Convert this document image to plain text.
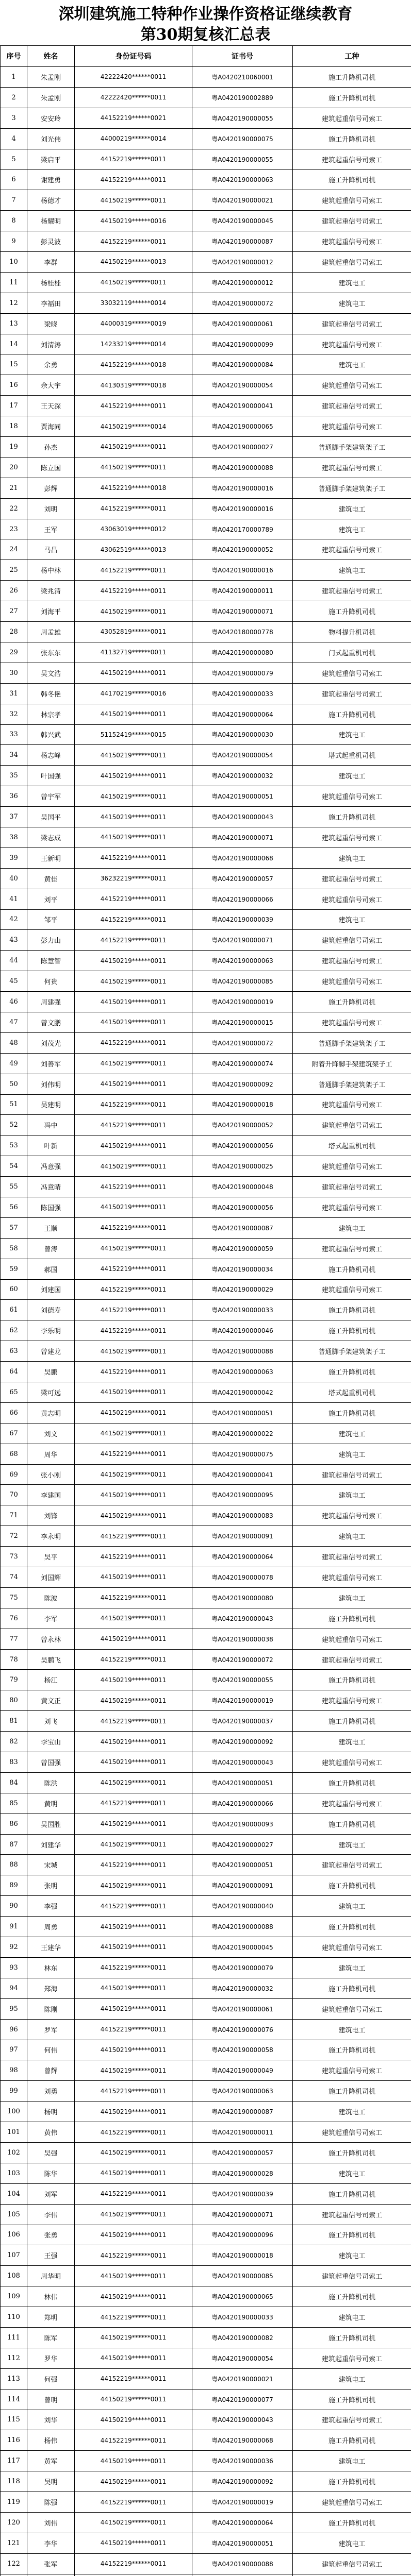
深圳建筑施工特种作业操作资格证继续教育
第30期复核汇总表
序号	姓名	身份证号码	证书号	工种
1	朱孟刚	42222420******0011	粤A0420210060001	施工升降机司机
2	朱孟刚	42222420******0011	粤A0420190002889	施工升降机司机
3	安安玲	44152219******0021	粤A0420190000055	建筑起重信号司索工
4	刘光伟	44000219******0014	粤A0420190000075	施工升降机司机
5	梁启平	44152219******0011	粤A0420190000055	建筑起重信号司索工
6	谢建勇	44152219******0011	粤A0420190000063	施工升降机司机
7	杨德才	44150219******0011	粤A0420190000021	建筑起重信号司索工
8	杨耀明	44150219******0016	粤A0420190000045	建筑起重信号司索工
9	彭灵波	44152219******0011	粤A0420190000087	建筑起重信号司索工
10	李群	44150219******0013	粤A0420190000012	建筑起重信号司索工
11	杨桂桂	44150219******0011	粤A0420190000012	建筑电工
12	李福田	33032119******0014	粤A0420190000072	建筑电工
13	梁晓	44000319******0019	粤A0420190000061	建筑起重信号司索工
14	刘清涛	14233219******0014	粤A0420190000099	建筑起重信号司索工
15	余勇	44152219******0018	粤A0420190000084	建筑电工
16	余大宇	44130319******0018	粤A0420190000054	建筑起重信号司索工
17	王天深	44152219******0011	粤A0420190000041	建筑起重信号司索工
18	贾海同	44150219******0014	粤A0420190000065	建筑起重信号司索工
19	孙杰	44150219******0011	粤A0420190000027	普通脚手架建筑架子工
20	陈立国	44150219******0011	粤A0420190000088	建筑起重信号司索工
21	彭辉	44152219******0018	粤A0420190000016	普通脚手架建筑架子工
22	刘明	44152219******0011	粤A0420190000016	建筑电工
23	王军	43063019******0012	粤A0420170000789	建筑电工
24	马昌	43062519******0013	粤A0420190000052	建筑起重信号司索工
25	杨中林	44152219******0011	粤A0420190000016	建筑电工
26	梁兆清	44152219******0011	粤A0420190000011	建筑起重信号司索工
27	刘海平	44150219******0011	粤A0420190000071	施工升降机司机
28	周孟雄	43052819******0011	粤A0420180000778	物料提升机司机
29	张东东	41132719******0011	粤A0420190000080	门式起重机司机
30	吴文浩	44150219******0011	粤A0420190000079	建筑起重信号司索工
31	韩冬艳	44170219******0016	粤A0420190000033	建筑起重信号司索工
32	林宗孝	44150219******0011	粤A0420190000064	施工升降机司机
33	韩兴武	51152419******0015	粤A0420190000030	建筑电工
34	杨志峰	44150219******0011	粤A0420190000054	塔式起重机司机
35	叶国强	44150219******0011	粤A0420190000032	建筑电工
36	曾宇军	44150219******0011	粤A0420190000051	建筑起重信号司索工
37	吴国平	44150219******0011	粤A0420190000043	施工升降机司机
38	梁志成	44150219******0011	粤A0420190000071	建筑起重信号司索工
39	王新明	44152219******0011	粤A0420190000068	建筑电工
40	黄佳	36232219******0011	粤A0420190000057	建筑起重信号司索工
41	刘平	44152219******0011	粤A0420190000066	建筑起重信号司索工
42	邹平	44152219******0011	粤A0420190000039	建筑电工
43	彭力山	44152219******0011	粤A0420190000071	建筑起重信号司索工
44	陈慧智	44150219******0011	粤A0420190000063	建筑起重信号司索工
45	何贵	44150219******0011	粤A0420190000085	建筑起重信号司索工
46	周建强	44150219******0011	粤A0420190000019	施工升降机司机
47	曾文鹏	44150219******0011	粤A0420190000015	建筑起重信号司索工
48	刘茂光	44152219******0011	粤A0420190000072	普通脚手架建筑架子工
49	刘善军	44150219******0011	粤A0420190000074	附着升降脚手架建筑架子工
50	刘伟明	44150219******0011	粤A0420190000092	普通脚手架建筑架子工
51	吴建明	44152219******0011	粤A0420190000018	建筑起重信号司索工
52	冯中	44152219******0011	粤A0420190000052	建筑起重信号司索工
53	叶新	44150219******0011	粤A0420190000056	塔式起重机司机
54	冯意强	44150219******0011	粤A0420190000025	建筑起重信号司索工
55	冯意晴	44152219******0011	粤A0420190000048	建筑起重信号司索工
56	陈国强	44150219******0011	粤A0420190000056	建筑起重信号司索工
57	王顺	44152219******0011	粤A0420190000087	建筑电工
58	曾涛	44150219******0011	粤A0420190000059	建筑起重信号司索工
59	郝国	44152219******0011	粤A0420190000034	施工升降机司机
60	刘建国	44152219******0011	粤A0420190000029	建筑起重信号司索工
61	刘德寿	44152219******0011	粤A0420190000033	施工升降机司机
62	李乐明	44152219******0011	粤A0420190000046	施工升降机司机
63	曾建龙	44150219******0011	粤A0420190000088	普通脚手架建筑架子工
64	吴鹏	44152219******0011	粤A0420190000063	施工升降机司机
65	梁可远	44150219******0011	粤A0420190000042	塔式起重机司机
66	黄志明	44150219******0011	粤A0420190000051	施工升降机司机
67	刘文	44150219******0011	粤A0420190000022	建筑电工
68	周华	44152219******0011	粤A0420190000075	建筑电工
69	张小刚	44150219******0011	粤A0420190000041	建筑起重信号司索工
70	李建国	44150219******0011	粤A0420190000095	建筑电工
71	刘锋	44150219******0011	粤A0420190000083	建筑起重信号司索工
72	李永明	44152219******0011	粤A0420190000091	建筑电工
73	吴平	44152219******0011	粤A0420190000064	建筑起重信号司索工
74	刘国辉	44150219******0011	粤A0420190000078	建筑起重信号司索工
75	陈波	44152219******0011	粤A0420190000080	建筑电工
76	李军	44150219******0011	粤A0420190000043	施工升降机司机
77	曾永林	44150219******0011	粤A0420190000038	建筑起重信号司索工
78	吴鹏飞	44152219******0011	粤A0420190000072	建筑起重信号司索工
79	杨江	44150219******0011	粤A0420190000055	施工升降机司机
80	黄文正	44150219******0011	粤A0420190000019	建筑起重信号司索工
81	刘飞	44152219******0011	粤A0420190000037	施工升降机司机
82	李宝山	44150219******0011	粤A0420190000092	建筑电工
83	曾国强	44150219******0011	粤A0420190000043	建筑起重信号司索工
84	陈洪	44150219******0011	粤A0420190000051	施工升降机司机
85	黄明	44152219******0011	粤A0420190000066	建筑起重信号司索工
86	吴国胜	44150219******0011	粤A0420190000093	施工升降机司机
87	刘建华	44150219******0011	粤A0420190000027	建筑电工
88	宋城	44152219******0011	粤A0420190000051	建筑起重信号司索工
89	张明	44150219******0011	粤A0420190000091	施工升降机司机
90	李强	44152219******0011	粤A0420190000040	建筑电工
91	周勇	44150219******0011	粤A0420190000088	施工升降机司机
92	王建华	44150219******0011	粤A0420190000045	建筑起重信号司索工
93	林东	44152219******0011	粤A0420190000079	建筑电工
94	郑海	44150219******0011	粤A0420190000032	施工升降机司机
95	陈刚	44150219******0011	粤A0420190000061	建筑起重信号司索工
96	罗军	44152219******0011	粤A0420190000076	建筑电工
97	何伟	44150219******0011	粤A0420190000058	施工升降机司机
98	曾辉	44150219******0011	粤A0420190000049	建筑起重信号司索工
99	刘勇	44152219******0011	粤A0420190000063	施工升降机司机
100	杨明	44150219******0011	粤A0420190000087	建筑电工
101	黄伟	44152219******0011	粤A0420190000011	建筑起重信号司索工
102	吴强	44150219******0011	粤A0420190000057	施工升降机司机
103	陈华	44150219******0011	粤A0420190000028	建筑电工
104	刘军	44152219******0011	粤A0420190000039	施工升降机司机
105	李伟	44150219******0011	粤A0420190000071	建筑起重信号司索工
106	张勇	44150219******0011	粤A0420190000096	施工升降机司机
107	王强	44152219******0011	粤A0420190000018	建筑电工
108	周华明	44150219******0011	粤A0420190000085	建筑起重信号司索工
109	林伟	44150219******0011	粤A0420190000065	施工升降机司机
110	郑明	44152219******0011	粤A0420190000033	建筑电工
111	陈军	44150219******0011	粤A0420190000082	施工升降机司机
112	罗华	44150219******0011	粤A0420190000054	建筑起重信号司索工
113	何强	44152219******0011	粤A0420190000021	建筑电工
114	曾明	44150219******0011	粤A0420190000077	施工升降机司机
115	刘华	44150219******0011	粤A0420190000043	建筑起重信号司索工
116	杨伟	44152219******0011	粤A0420190000068	施工升降机司机
117	黄军	44150219******0011	粤A0420190000036	建筑电工
118	吴明	44150219******0011	粤A0420190000092	施工升降机司机
119	陈强	44152219******0011	粤A0420190000019	建筑起重信号司索工
120	刘伟	44150219******0011	粤A0420190000064	施工升降机司机
121	李华	44150219******0011	粤A0420190000051	建筑电工
122	张军	44152219******0011	粤A0420190000088	建筑起重信号司索工
